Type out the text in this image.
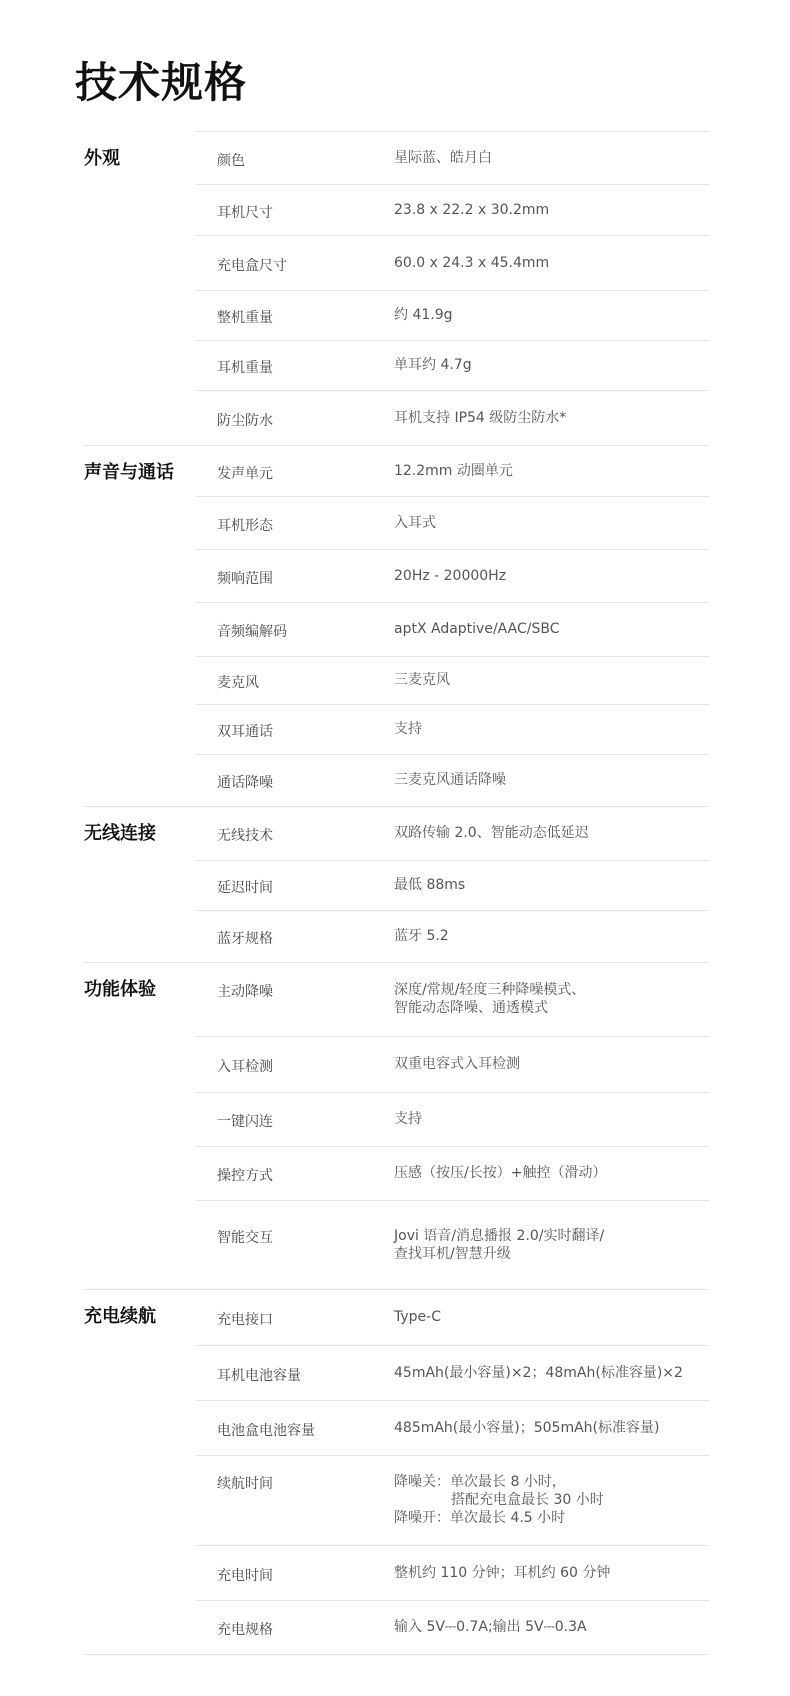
技术规格
外观	颜色	星际蓝、皓月白
耳机尺寸	23.8 x 22.2 x 30.2mm
充电盒尺寸	60.0 x 24.3 x 45.4mm
整机重量	约 41.9g
耳机重量	单耳约 4.7g
防尘防水	耳机支持 IP54 级防尘防水*
声音与通话	发声单元	12.2mm 动圈单元
耳机形态	入耳式
频响范围	20Hz - 20000Hz
音频编解码	aptX Adaptive/AAC/SBC
麦克风	三麦克风
双耳通话	支持
通话降噪	三麦克风通话降噪
无线连接	无线技术	双路传输 2.0、智能动态低延迟
延迟时间	最低 88ms
蓝牙规格	蓝牙 5.2
功能体验	主动降噪	深度/常规/轻度三种降噪模式、
智能动态降噪、通透模式
入耳检测	双重电容式入耳检测
一键闪连	支持
操控方式	压感（按压/长按）+触控（滑动）
智能交互	Jovi 语音/消息播报 2.0/实时翻译/
查找耳机/智慧升级
充电续航	充电接口	Type-C
耳机电池容量	45mAh(最小容量)×2；48mAh(标准容量)×2
电池盒电池容量	485mAh(最小容量)；505mAh(标准容量)
续航时间	降噪关：单次最长 8 小时，
搭配充电盒最长 30 小时
降噪开：单次最长 4.5 小时
充电时间	整机约 110 分钟；耳机约 60 分钟
充电规格	输入 5V⎓0.7A;输出 5V⎓0.3A
